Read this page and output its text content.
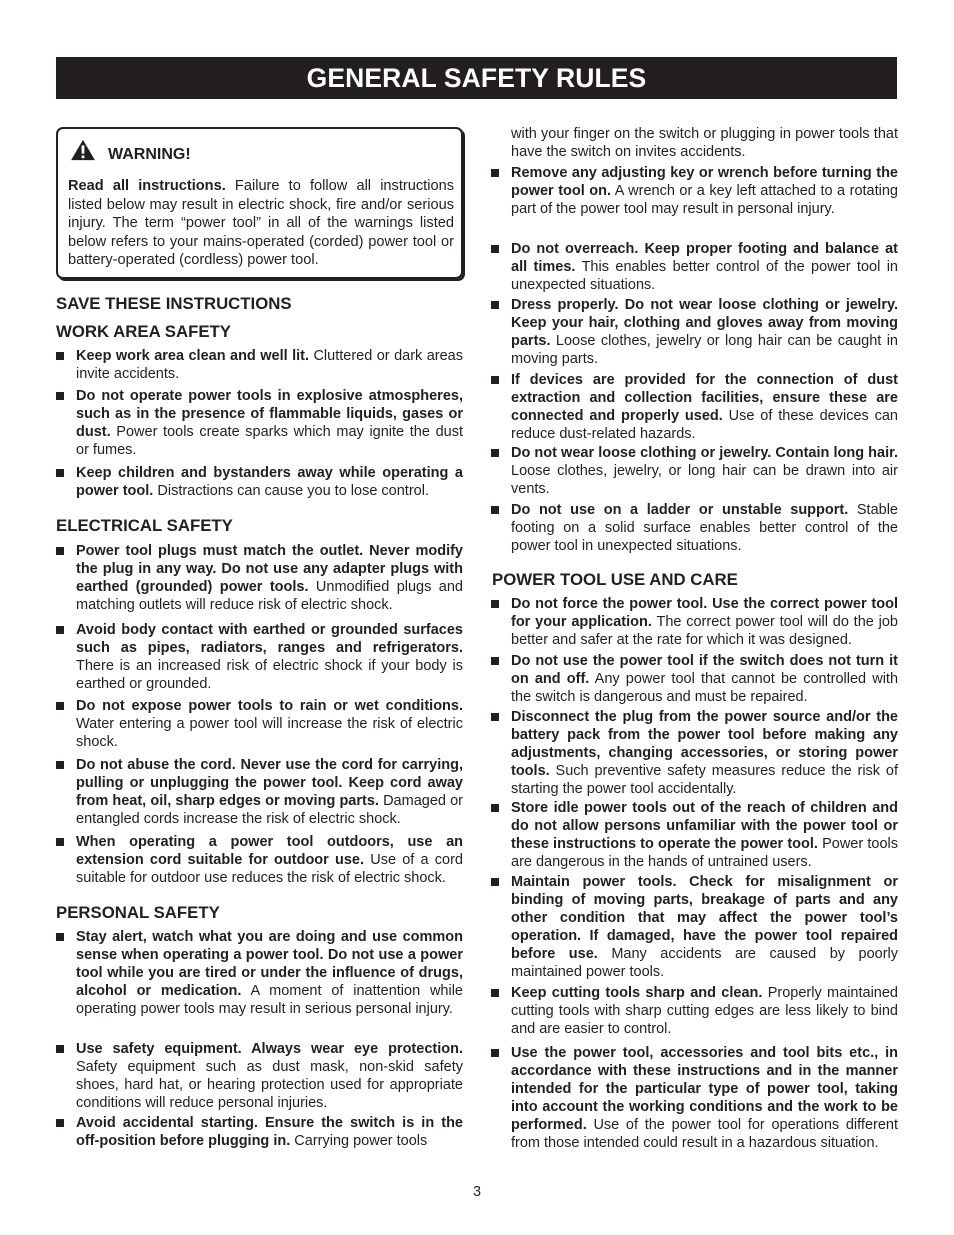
GENERAL SAFETY RULES
WARNING!
Read all instructions. Failure to follow all instructions listed below may result in electric shock, fire and/or serious injury. The term “power tool” in all of the warnings listed below refers to your mains-operated (corded) power tool or battery-operated (cordless) power tool.
SAVE THESE INSTRUCTIONS
WORK AREA SAFETY
Keep work area clean and well lit. Cluttered or dark areas invite accidents.
Do not operate power tools in explosive atmospheres, such as in the presence of flammable liquids, gases or dust. Power tools create sparks which may ignite the dust or fumes.
Keep children and bystanders away while operating a power tool. Distractions can cause you to lose control.
ELECTRICAL SAFETY
Power tool plugs must match the outlet. Never modify the plug in any way. Do not use any adapter plugs with earthed (grounded) power tools. Unmodified plugs and matching outlets will reduce risk of electric shock.
Avoid body contact with earthed or grounded surfaces such as pipes, radiators, ranges and refrigerators. There is an increased risk of electric shock if your body is earthed or grounded.
Do not expose power tools to rain or wet conditions. Water entering a power tool will increase the risk of electric shock.
Do not abuse the cord. Never use the cord for carrying, pulling or unplugging the power tool. Keep cord away from heat, oil, sharp edges or moving parts. Damaged or entangled cords increase the risk of electric shock.
When operating a power tool outdoors, use an extension cord suitable for outdoor use. Use of a cord suitable for outdoor use reduces the risk of electric shock.
PERSONAL SAFETY
Stay alert, watch what you are doing and use common sense when operating a power tool. Do not use a power tool while you are tired or under the influence of drugs, alcohol or medication. A moment of inattention while operating power tools may result in serious personal injury.
Use safety equipment. Always wear eye protection. Safety equipment such as dust mask, non-skid safety shoes, hard hat, or hearing protection used for appropriate conditions will reduce personal injuries.
Avoid accidental starting. Ensure the switch is in the off-position before plugging in. Carrying power tools
with your finger on the switch or plugging in power tools that have the switch on invites accidents.
Remove any adjusting key or wrench before turning the power tool on. A wrench or a key left attached to a rotating part of the power tool may result in personal injury.
Do not overreach. Keep proper footing and balance at all times. This enables better control of the power tool in unexpected situations.
Dress properly. Do not wear loose clothing or jewelry. Keep your hair, clothing and gloves away from moving parts. Loose clothes, jewelry or long hair can be caught in moving parts.
If devices are provided for the connection of dust extraction and collection facilities, ensure these are connected and properly used. Use of these devices can reduce dust-related hazards.
Do not wear loose clothing or jewelry. Contain long hair. Loose clothes, jewelry, or long hair can be drawn into air vents.
Do not use on a ladder or unstable support. Stable footing on a solid surface enables better control of the power tool in unexpected situations.
POWER TOOL USE AND CARE
Do not force the power tool. Use the correct power tool for your application. The correct power tool will do the job better and safer at the rate for which it was designed.
Do not use the power tool if the switch does not turn it on and off. Any power tool that cannot be controlled with the switch is dangerous and must be repaired.
Disconnect the plug from the power source and/or the battery pack from the power tool before making any adjustments, changing accessories, or storing power tools. Such preventive safety measures reduce the risk of starting the power tool accidentally.
Store idle power tools out of the reach of children and do not allow persons unfamiliar with the power tool or these instructions to operate the power tool. Power tools are dangerous in the hands of untrained users.
Maintain power tools. Check for misalignment or binding of moving parts, breakage of parts and any other condition that may affect the power tool’s operation. If damaged, have the power tool repaired before use. Many accidents are caused by poorly maintained power tools.
Keep cutting tools sharp and clean. Properly maintained cutting tools with sharp cutting edges are less likely to bind and are easier to control.
Use the power tool, accessories and tool bits etc., in accordance with these instructions and in the manner intended for the particular type of power tool, taking into account the working conditions and the work to be performed. Use of the power tool for operations different from those intended could result in a hazardous situation.
3
